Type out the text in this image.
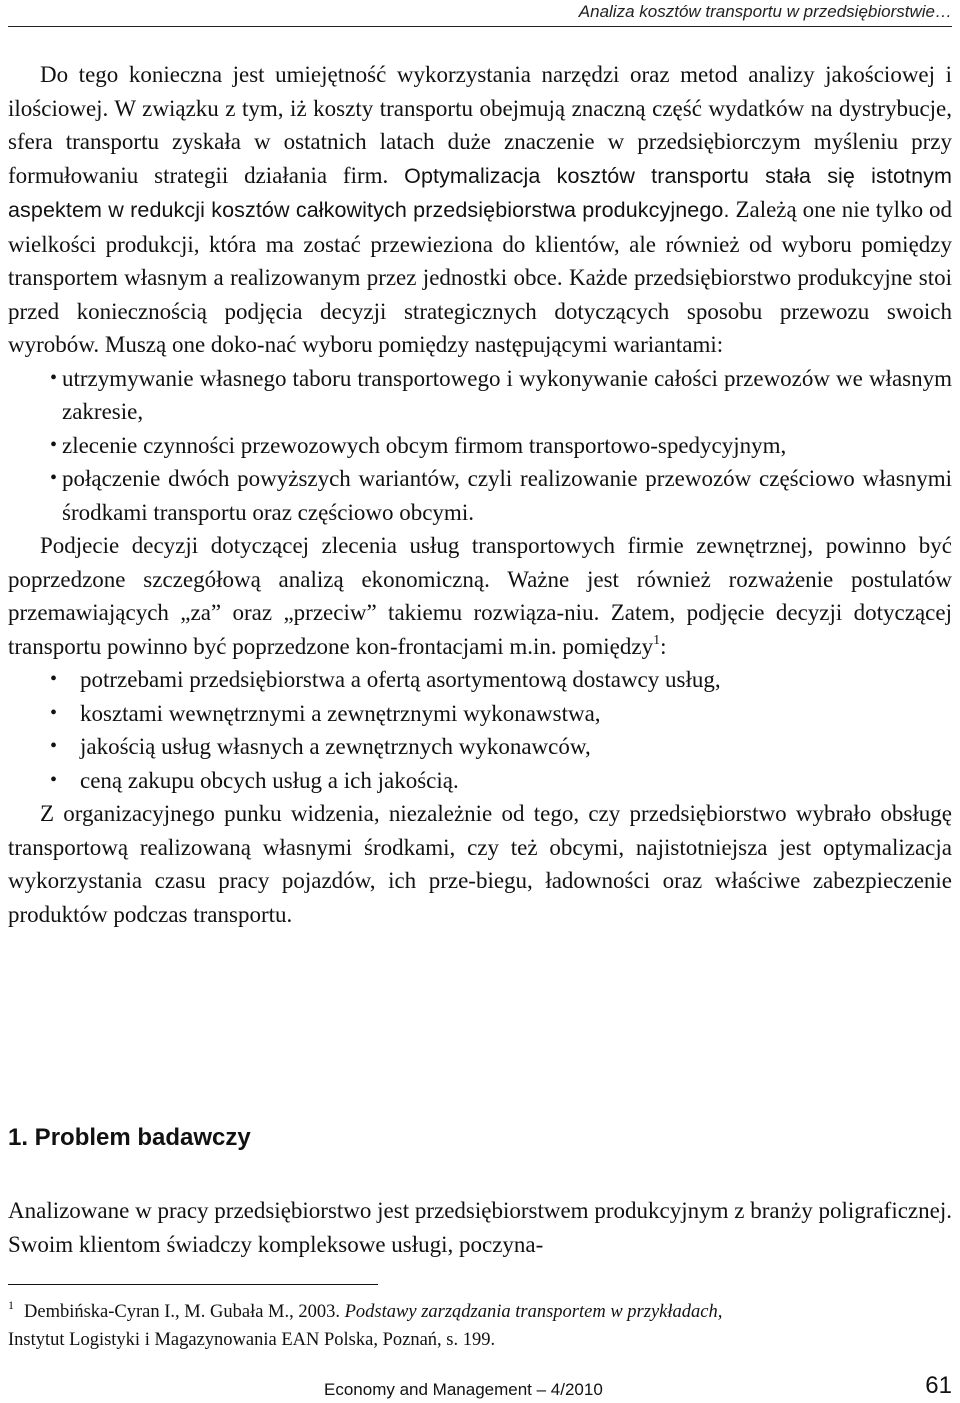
Analiza kosztów transportu w przedsiębiorstwie…

Do tego konieczna jest umiejętność wykorzystania narzędzi oraz metod analizy jakościowej i ilościowej. W związku z tym, iż koszty transportu obejmują znaczną część wydatków na dystrybucje, sfera transportu zyskała w ostatnich latach duże znaczenie w przedsiębiorczym myśleniu przy formułowaniu strategii działania firm. Optymalizacja kosztów transportu stała się istotnym aspektem w redukcji kosztów całkowitych przedsiębiorstwa produkcyjnego. Zależą one nie tylko od wielkości produkcji, która ma zostać przewieziona do klientów, ale również od wyboru pomiędzy transportem własnym a realizowanym przez jednostki obce. Każde przedsiębiorstwo produkcyjne stoi przed koniecznością podjęcia decyzji strategicznych dotyczących sposobu przewozu swoich wyrobów. Muszą one doko-nać wyboru pomiędzy następującymi wariantami:

• utrzymywanie własnego taboru transportowego i wykonywanie całości przewozów we własnym zakresie,
• zlecenie czynności przewozowych obcym firmom transportowo-spedycyjnym,
• połączenie dwóch powyższych wariantów, czyli realizowanie przewozów częściowo własnymi środkami transportu oraz częściowo obcymi.

Podjecie decyzji dotyczącej zlecenia usług transportowych firmie zewnętrznej, powinno być poprzedzone szczegółową analizą ekonomiczną. Ważne jest również rozważenie postulatów przemawiających „za” oraz „przeciw” takiemu rozwiąza-niu. Zatem, podjęcie decyzji dotyczącej transportu powinno być poprzedzone kon-frontacjami m.in. pomiędzy$^1$:

• potrzebami przedsiębiorstwa a ofertą asortymentową dostawcy usług,
• kosztami wewnętrznymi a zewnętrznymi wykonawstwa,
• jakością usług własnych a zewnętrznych wykonawców,
• ceną zakupu obcych usług a ich jakością.

Z organizacyjnego punku widzenia, niezależnie od tego, czy przedsiębiorstwo wybrało obsługę transportową realizowaną własnymi środkami, czy też obcymi, najistotniejsza jest optymalizacja wykorzystania czasu pracy pojazdów, ich prze-biegu, ładowności oraz właściwe zabezpieczenie produktów podczas transportu.

1. Problem badawczy
Analizowane w pracy przedsiębiorstwo jest przedsiębiorstwem produkcyjnym z branży poligraficznej. Swoim klientom świadczy kompleksowe usługi, poczyna-
$^1$ Dembińska-Cyran I., M. Gubała M., 2003. Podstawy zarządzania transportem w przykładach,
Instytut Logistyki i Magazynowania EAN Polska, Poznań, s. 199.
Economy and Management – 4/2010	61
